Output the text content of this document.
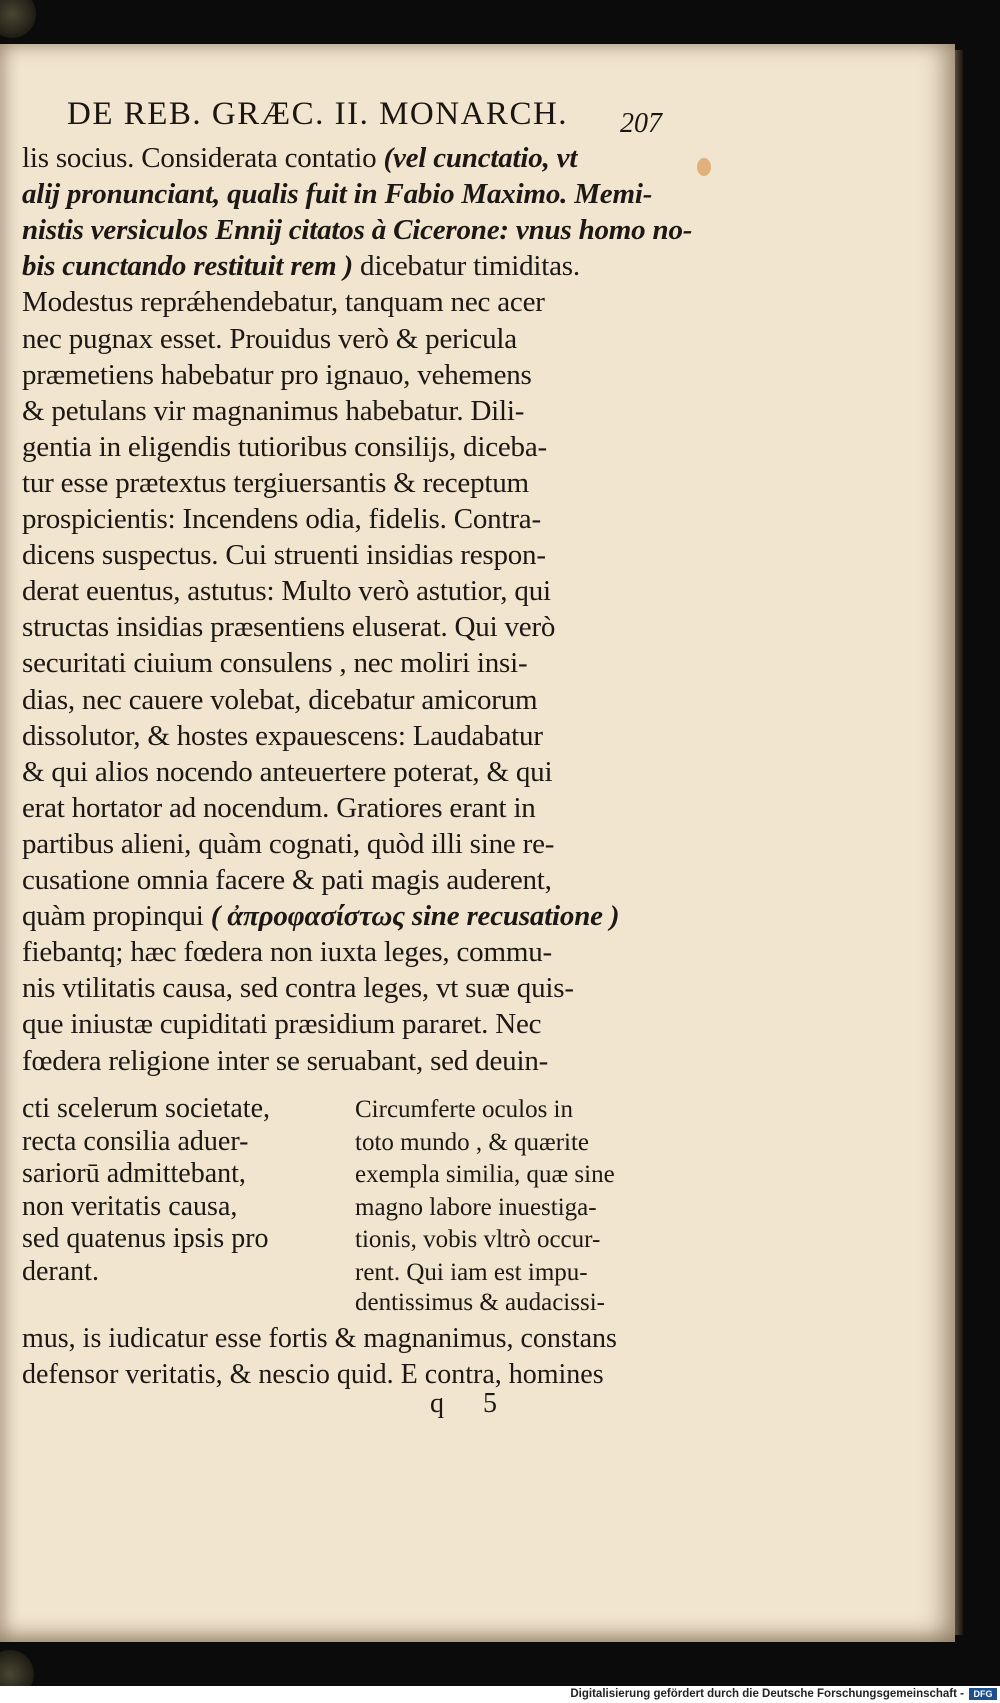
DE REB. GRÆC. II. MONARCH.	207
lis socius. Considerata contatio (vel cunctatio, vt
alij pronunciant, qualis fuit in Fabio Maximo. Memi-
nistis versiculos Ennij citatos à Cicerone: vnus homo no-
bis cunctando restituit rem ) dicebatur timiditas.
Modestus reprǽhendebatur, tanquam nec acer
nec pugnax esset. Prouidus verò & pericula
præmetiens habebatur pro ignauo, vehemens
& petulans vir magnanimus habebatur. Dili-
gentia in eligendis tutioribus consilijs, diceba-
tur esse prætextus tergiuersantis & receptum
prospicientis: Incendens odia, fidelis. Contra-
dicens suspectus. Cui struenti insidias respon-
derat euentus, astutus: Multo verò astutior, qui
structas insidias præsentiens eluserat. Qui verò
securitati ciuium consulens , nec moliri insi-
dias, nec cauere volebat, dicebatur amicorum
dissolutor, & hostes expauescens: Laudabatur
& qui alios nocendo anteuertere poterat, & qui
erat hortator ad nocendum. Gratiores erant in
partibus alieni, quàm cognati, quòd illi sine re-
cusatione omnia facere & pati magis auderent,
quàm propinqui ( ἀπροφασίστως sine recusatione )
fiebantq; hæc fœdera non iuxta leges, commu-
nis vtilitatis causa, sed contra leges, vt suæ quis-
que iniustæ cupiditati præsidium pararet. Nec
fœdera religione inter se seruabant, sed deuin-
cti scelerum societate,
recta consilia aduer-
sariorū admittebant,
non veritatis causa,
sed quatenus ipsis pro
derant.
Circumferte oculos in
toto mundo , & quærite
exempla similia, quæ sine
magno labore inuestiga-
tionis, vobis vltrò occur-
rent. Qui iam est impu-
dentissimus & audacissi-
mus, is iudicatur esse fortis & magnanimus, constans
defensor veritatis, & nescio quid. E contra, homines
q 5
Digitalisierung gefördert durch die Deutsche Forschungsgemeinschaft -	DFG
